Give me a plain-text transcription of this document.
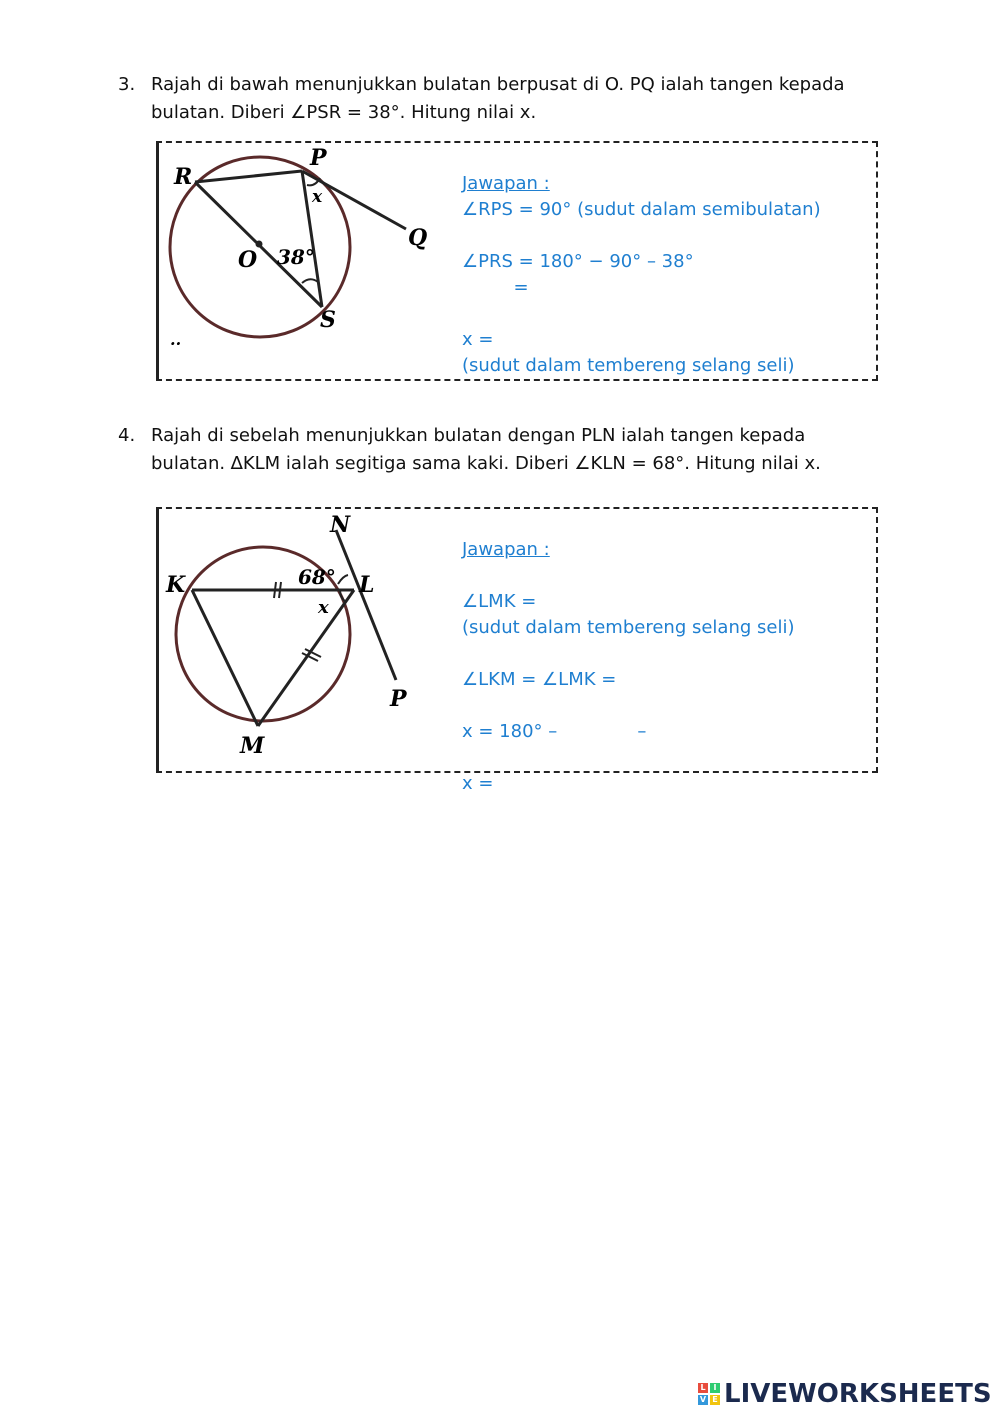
3. Rajah di bawah menunjukkan bulatan berpusat di O. PQ ialah tangen kepada
bulatan. Diberi ∠PSR = 38°. Hitung nilai x.
R
P
Q
O
S
x
38°
..

Jawapan :
∠RPS = 90° (sudut dalam semibulatan)
∠PRS = 180° − 90° – 38°
=
x =
(sudut dalam tembereng selang seli)

4. Rajah di sebelah menunjukkan bulatan dengan PLN ialah tangen kepada
bulatan. ∆KLM ialah segitiga sama kaki. Diberi ∠KLN = 68°. Hitung nilai x.
N
K	L
M
P
x
68°

Jawapan :
∠LMK =
(sudut dalam tembereng selang seli)
∠LKM = ∠LMK =
x = 180° –              –
x =

L I
V E LIVEWORKSHEETS
